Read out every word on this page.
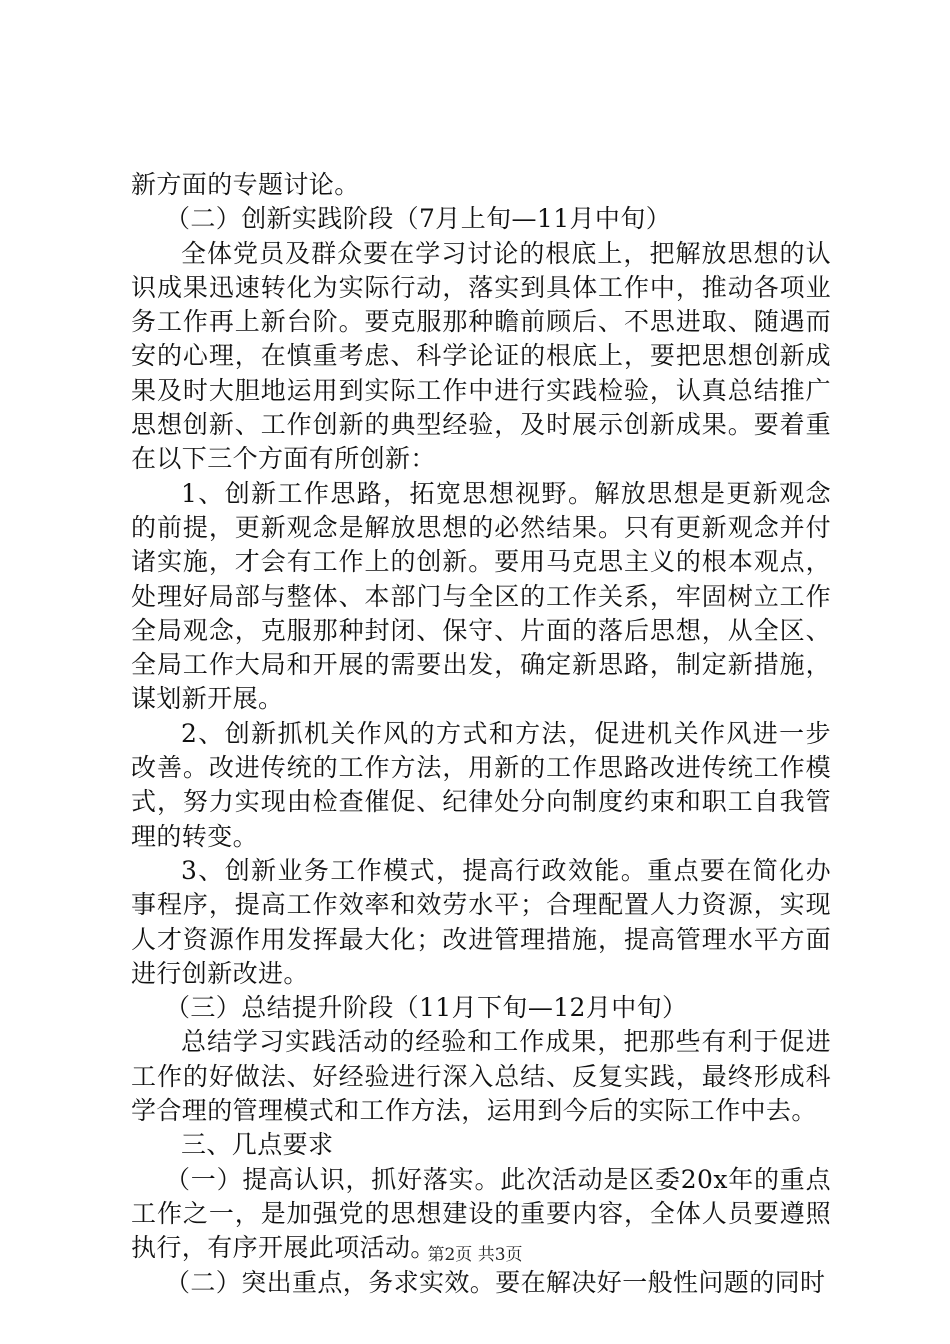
新方面的专题讨论。

（二）创新实践阶段（7月上旬—11月中旬）

全体党员及群众要在学习讨论的根底上，把解放思想的认识成果迅速转化为实际行动，落实到具体工作中，推动各项业务工作再上新台阶。要克服那种瞻前顾后、不思进取、随遇而安的心理，在慎重考虑、科学论证的根底上，要把思想创新成果及时大胆地运用到实际工作中进行实践检验，认真总结推广思想创新、工作创新的典型经验，及时展示创新成果。要着重在以下三个方面有所创新：

1、创新工作思路，拓宽思想视野。解放思想是更新观念的前提，更新观念是解放思想的必然结果。只有更新观念并付诸实施，才会有工作上的创新。要用马克思主义的根本观点，处理好局部与整体、本部门与全区的工作关系，牢固树立工作全局观念，克服那种封闭、保守、片面的落后思想，从全区、全局工作大局和开展的需要出发，确定新思路，制定新措施，谋划新开展。

2、创新抓机关作风的方式和方法，促进机关作风进一步改善。改进传统的工作方法，用新的工作思路改进传统工作模式，努力实现由检查催促、纪律处分向制度约束和职工自我管理的转变。

3、创新业务工作模式，提高行政效能。重点要在简化办事程序，提高工作效率和效劳水平；合理配置人力资源，实现人才资源作用发挥最大化；改进管理措施，提高管理水平方面进行创新改进。

（三）总结提升阶段（11月下旬—12月中旬）

总结学习实践活动的经验和工作成果，把那些有利于促进工作的好做法、好经验进行深入总结、反复实践，最终形成科学合理的管理模式和工作方法，运用到今后的实际工作中去。

三、几点要求

（一）提高认识，抓好落实。此次活动是区委20x年的重点工作之一，是加强党的思想建设的重要内容，全体人员要遵照执行，有序开展此项活动。

（二）突出重点，务求实效。要在解决好一般性问题的同时

第2页 共3页
